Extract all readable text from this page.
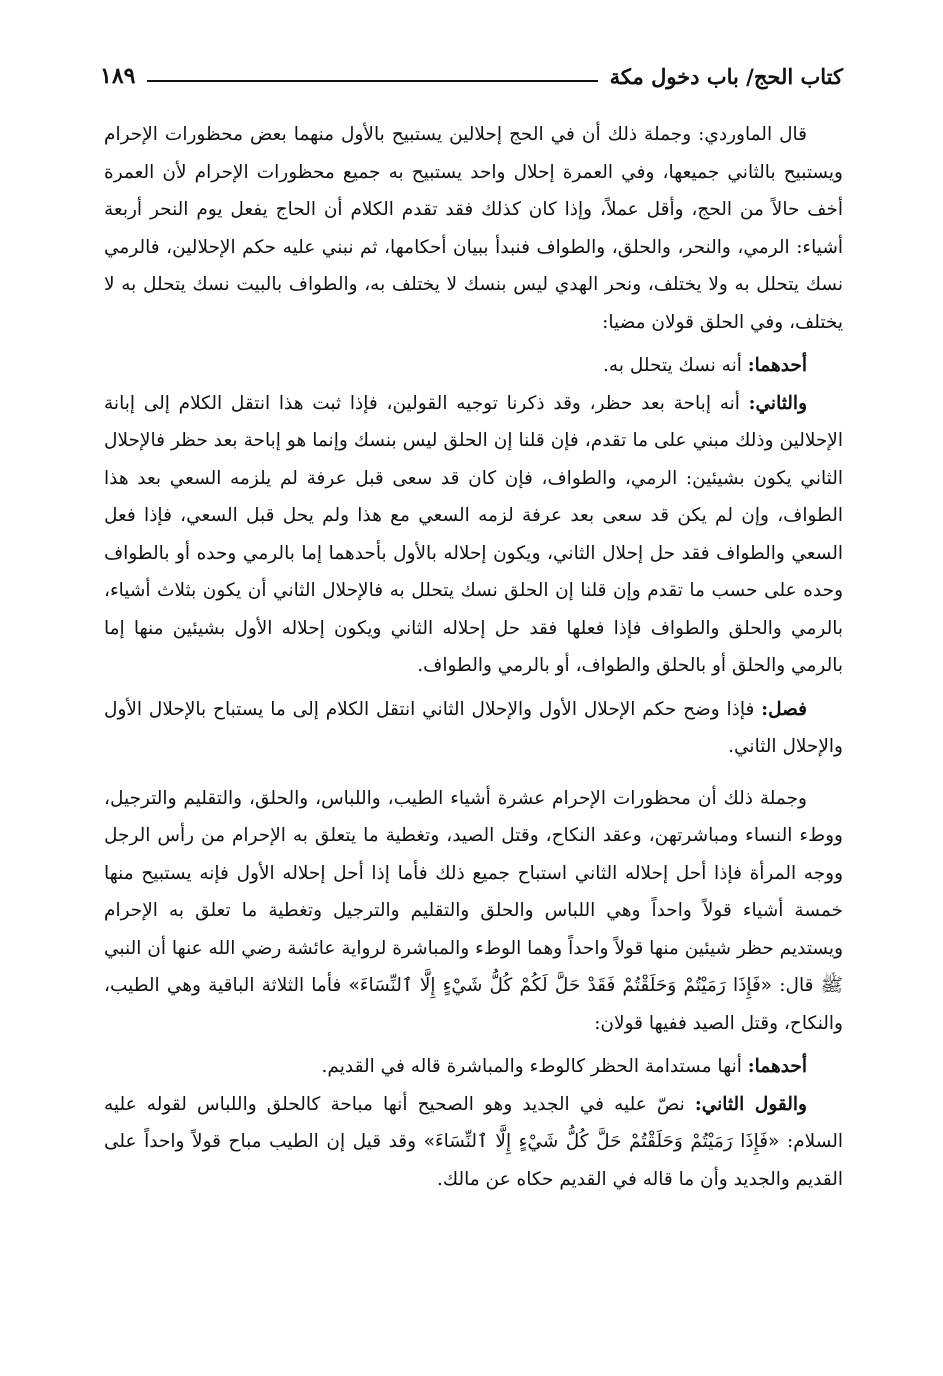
كتاب الحج/ باب دخول مكة
١٨٩

قال الماوردي: وجملة ذلك أن في الحج إحلالين يستبيح بالأول منهما بعض محظورات الإحرام ويستبيح بالثاني جميعها، وفي العمرة إحلال واحد يستبيح به جميع محظورات الإحرام لأن العمرة أخف حالاً من الحج، وأقل عملاً، وإذا كان كذلك فقد تقدم الكلام أن الحاج يفعل يوم النحر أربعة أشياء: الرمي، والنحر، والحلق، والطواف فنبدأ ببيان أحكامها، ثم نبني عليه حكم الإحلالين، فالرمي نسك يتحلل به ولا يختلف، ونحر الهدي ليس بنسك لا يختلف به، والطواف بالبيت نسك يتحلل به لا يختلف، وفي الحلق قولان مضيا:

أحدهما: أنه نسك يتحلل به.

والثاني: أنه إباحة بعد حظر، وقد ذكرنا توجيه القولين، فإذا ثبت هذا انتقل الكلام إلى إبانة الإحلالين وذلك مبني على ما تقدم، فإن قلنا إن الحلق ليس بنسك وإنما هو إباحة بعد حظر فالإحلال الثاني يكون بشيئين: الرمي، والطواف، فإن كان قد سعى قبل عرفة لم يلزمه السعي بعد هذا الطواف، وإن لم يكن قد سعى بعد عرفة لزمه السعي مع هذا ولم يحل قبل السعي، فإذا فعل السعي والطواف فقد حل إحلال الثاني، ويكون إحلاله بالأول بأحدهما إما بالرمي وحده أو بالطواف وحده على حسب ما تقدم وإن قلنا إن الحلق نسك يتحلل به فالإحلال الثاني أن يكون بثلاث أشياء، بالرمي والحلق والطواف فإذا فعلها فقد حل إحلاله الثاني ويكون إحلاله الأول بشيئين منها إما بالرمي والحلق أو بالحلق والطواف، أو بالرمي والطواف.

فصل: فإذا وضح حكم الإحلال الأول والإحلال الثاني انتقل الكلام إلى ما يستباح بالإحلال الأول والإحلال الثاني.

وجملة ذلك أن محظورات الإحرام عشرة أشياء الطيب، واللباس، والحلق، والتقليم والترجيل، ووطء النساء ومباشرتهن، وعقد النكاح، وقتل الصيد، وتغطية ما يتعلق به الإحرام من رأس الرجل ووجه المرأة فإذا أحل إحلاله الثاني استباح جميع ذلك فأما إذا أحل إحلاله الأول فإنه يستبيح منها خمسة أشياء قولاً واحداً وهي اللباس والحلق والتقليم والترجيل وتغطية ما تعلق به الإحرام ويستديم حظر شيئين منها قولاً واحداً وهما الوطء والمباشرة لرواية عائشة رضي الله عنها أن النبي ﷺ قال: «فَإِذَا رَمَيْتُمْ وَحَلَقْتُمْ فَقَدْ حَلَّ لَكُمْ كُلُّ شَيْءٍ إِلَّا ٱلنِّسَاءَ» فأما الثلاثة الباقية وهي الطيب، والنكاح، وقتل الصيد ففيها قولان:

أحدهما: أنها مستدامة الحظر كالوطء والمباشرة قاله في القديم.

والقول الثاني: نصّ عليه في الجديد وهو الصحيح أنها مباحة كالحلق واللباس لقوله عليه السلام: «فَإِذَا رَمَيْتُمْ وَحَلَقْتُمْ حَلَّ كُلُّ شَيْءٍ إِلَّا ٱلنِّسَاءَ» وقد قيل إن الطيب مباح قولاً واحداً على القديم والجديد وأن ما قاله في القديم حكاه عن مالك.
